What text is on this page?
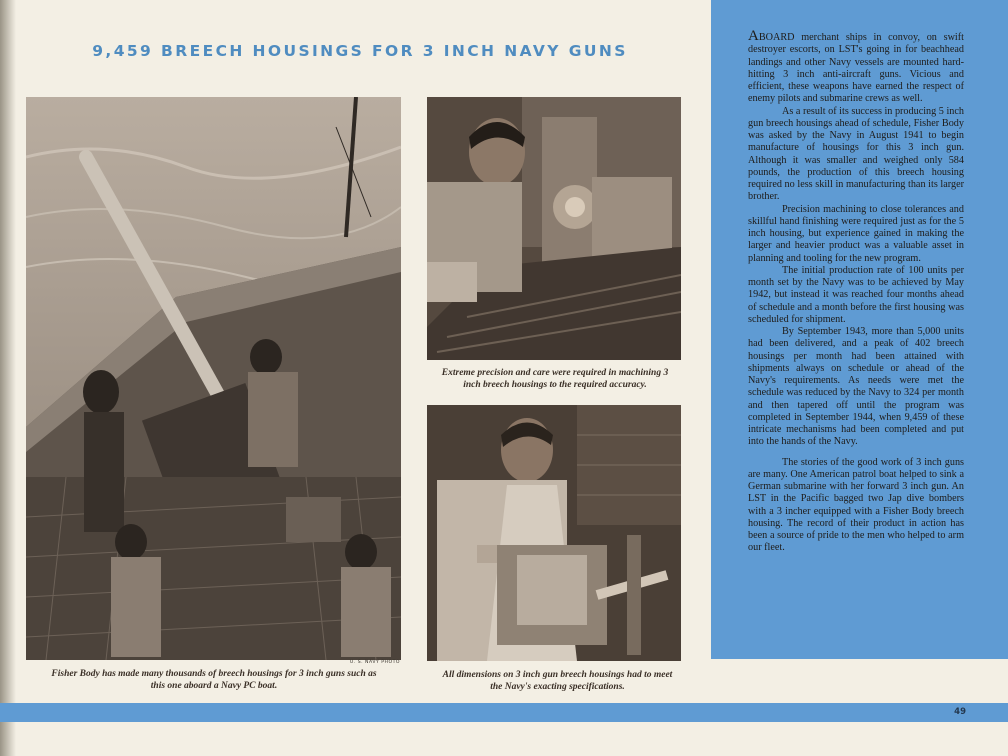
9,459 BREECH HOUSINGS FOR 3 INCH NAVY GUNS

U. S. NAVY PHOTO

Fisher Body has made many thousands of breech housings for 3 inch guns such as this one aboard a Navy PC boat.

Extreme precision and care were required in machining 3 inch breech housings to the required accuracy.

All dimensions on 3 inch gun breech housings had to meet the Navy's exacting specifications.

ABOARD merchant ships in convoy, on swift destroyer escorts, on LST's going in for beachhead landings and other Navy vessels are mounted hard-hitting 3 inch anti-aircraft guns. Vicious and efficient, these weapons have earned the respect of enemy pilots and submarine crews as well.

As a result of its success in producing 5 inch gun breech housings ahead of schedule, Fisher Body was asked by the Navy in August 1941 to begin manufacture of housings for this 3 inch gun. Although it was smaller and weighed only 584 pounds, the production of this breech housing required no less skill in manufacturing than its larger brother.

Precision machining to close tolerances and skillful hand finishing were required just as for the 5 inch housing, but experience gained in making the larger and heavier product was a valuable asset in planning and tooling for the new program.

The initial production rate of 100 units per month set by the Navy was to be achieved by May 1942, but instead it was reached four months ahead of schedule and a month before the first housing was scheduled for shipment.

By September 1943, more than 5,000 units had been delivered, and a peak of 402 breech housings per month had been attained with shipments always on schedule or ahead of the Navy's requirements. As needs were met the schedule was reduced by the Navy to 324 per month and then tapered off until the program was completed in September 1944, when 9,459 of these intricate mechanisms had been completed and put into the hands of the Navy.

The stories of the good work of 3 inch guns are many. One American patrol boat helped to sink a German submarine with her forward 3 inch gun. An LST in the Pacific bagged two Jap dive bombers with a 3 incher equipped with a Fisher Body breech housing. The record of their product in action has been a source of pride to the men who helped to arm our fleet.

49
